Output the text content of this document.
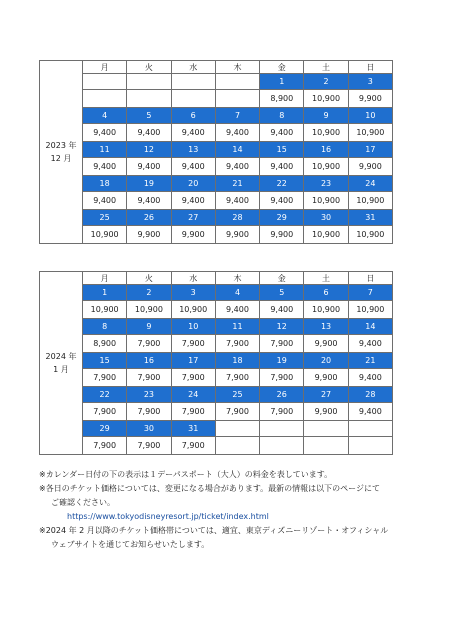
2023 年
12 月	月	火	水	木	金	土	日
					1	2	3
					8,900	10,900	9,900
	4	5	6	7	8	9	10
	9,400	9,400	9,400	9,400	9,400	10,900	10,900
	11	12	13	14	15	16	17
	9,400	9,400	9,400	9,400	9,400	10,900	9,900
	18	19	20	21	22	23	24
	9,400	9,400	9,400	9,400	9,400	10,900	10,900
	25	26	27	28	29	30	31
	10,900	9,900	9,900	9,900	9,900	10,900	10,900
2024 年
1 月	月	火	水	木	金	土	日
	1	2	3	4	5	6	7
	10,900	10,900	10,900	9,400	9,400	10,900	10,900
	8	9	10	11	12	13	14
	8,900	7,900	7,900	7,900	7,900	9,900	9,400
	15	16	17	18	19	20	21
	7,900	7,900	7,900	7,900	7,900	9,900	9,400
	22	23	24	25	26	27	28
	7,900	7,900	7,900	7,900	7,900	9,900	9,400
	29	30	31				
	7,900	7,900	7,900				

※カレンダー日付の下の表示は１デーパスポート（大人）の料金を表しています。

※各日のチケット価格については、変更になる場合があります。最新の情報は以下のページにて

ご確認ください。

https://www.tokyodisneyresort.jp/ticket/index.html

※2024 年 2 月以降のチケット価格帯については、適宜、東京ディズニーリゾート・オフィシャル

ウェブサイトを通じてお知らせいたします。
